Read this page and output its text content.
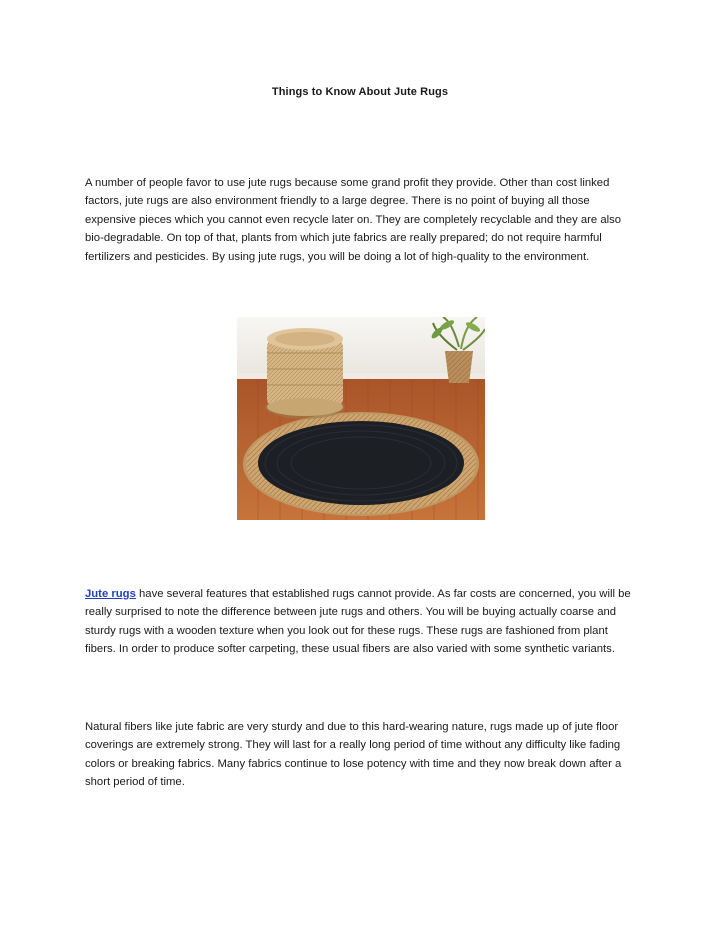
Things to Know About Jute Rugs

A number of people favor to use jute rugs because some grand profit they provide. Other than cost linked factors, jute rugs are also environment friendly to a large degree. There is no point of buying all those expensive pieces which you cannot even recycle later on. They are completely recyclable and they are also bio-degradable. On top of that, plants from which jute fabrics are really prepared; do not require harmful fertilizers and pesticides. By using jute rugs, you will be doing a lot of high-quality to the environment.

Jute rugs have several features that established rugs cannot provide. As far costs are concerned, you will be really surprised to note the difference between jute rugs and others. You will be buying actually coarse and sturdy rugs with a wooden texture when you look out for these rugs. These rugs are fashioned from plant fibers. In order to produce softer carpeting, these usual fibers are also varied with some synthetic variants.

Natural fibers like jute fabric are very sturdy and due to this hard-wearing nature, rugs made up of jute floor coverings are extremely strong. They will last for a really long period of time without any difficulty like fading colors or breaking fabrics. Many fabrics continue to lose potency with time and they now break down after a short period of time.
